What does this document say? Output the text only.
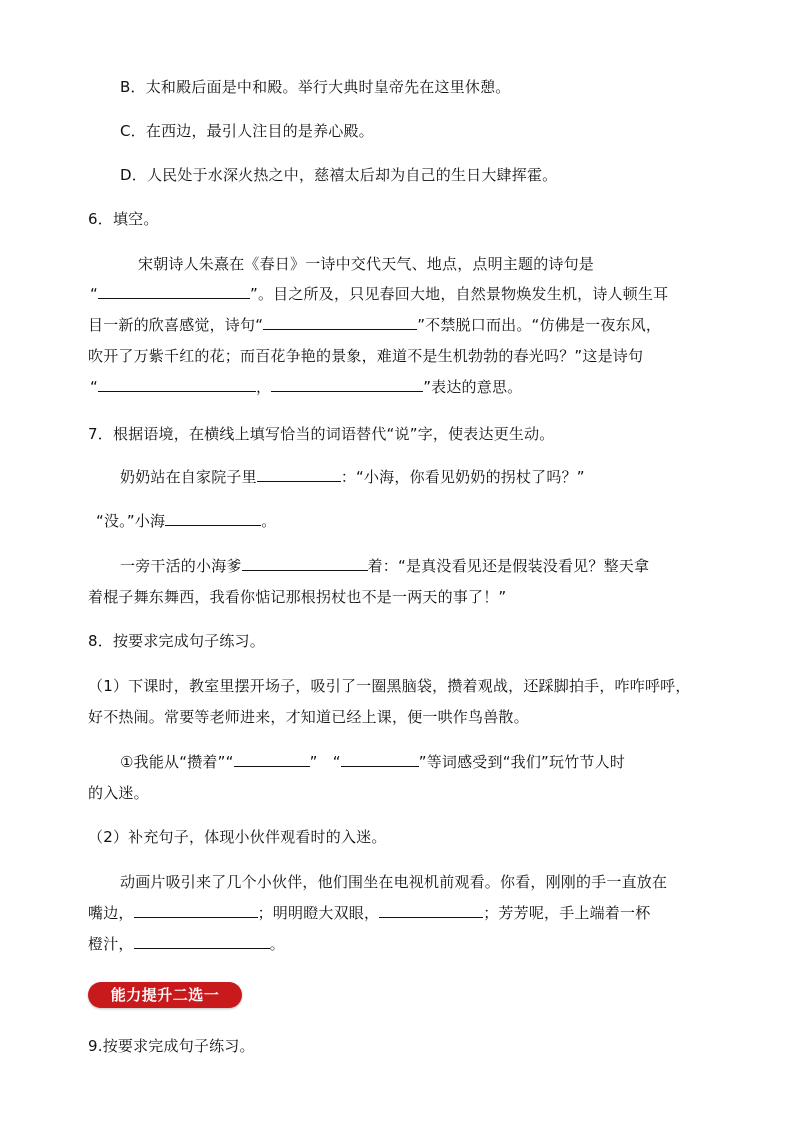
B．太和殿后面是中和殿。举行大典时皇帝先在这里休憩。
C．在西边，最引人注目的是养心殿。
D．人民处于水深火热之中，慈禧太后却为自己的生日大肆挥霍。
6．填空。
宋朝诗人朱熹在《春日》一诗中交代天气、地点，点明主题的诗句是
“	”。目之所及，只见春回大地，自然景物焕发生机，诗人顿生耳
目一新的欣喜感觉，诗句“	”不禁脱口而出。“仿佛是一夜东风，
吹开了万紫千红的花；而百花争艳的景象，难道不是生机勃勃的春光吗？”这是诗句
“	，	”表达的意思。
7．根据语境，在横线上填写恰当的词语替代“说”字，使表达更生动。
奶奶站在自家院子里	：“小海，你看见奶奶的拐杖了吗？”
“没。”小海	。
一旁干活的小海爹	着：“是真没看见还是假装没看见？整天拿
着棍子舞东舞西，我看你惦记那根拐杖也不是一两天的事了！”
8．按要求完成句子练习。
（1）下课时，教室里摆开场子，吸引了一圈黑脑袋，攒着观战，还踩脚拍手，咋咋呼呼，
好不热闹。常要等老师进来，才知道已经上课，便一哄作鸟兽散。
①我能从“攒着”“	”　“	”等词感受到“我们”玩竹节人时
的入迷。
（2）补充句子，体现小伙伴观看时的入迷。
动画片吸引来了几个小伙伴，他们围坐在电视机前观看。你看，刚刚的手一直放在
嘴边，	；明明瞪大双眼，	；芳芳呢，手上端着一杯
橙汁，	。
能力提升二选一
9.按要求完成句子练习。
